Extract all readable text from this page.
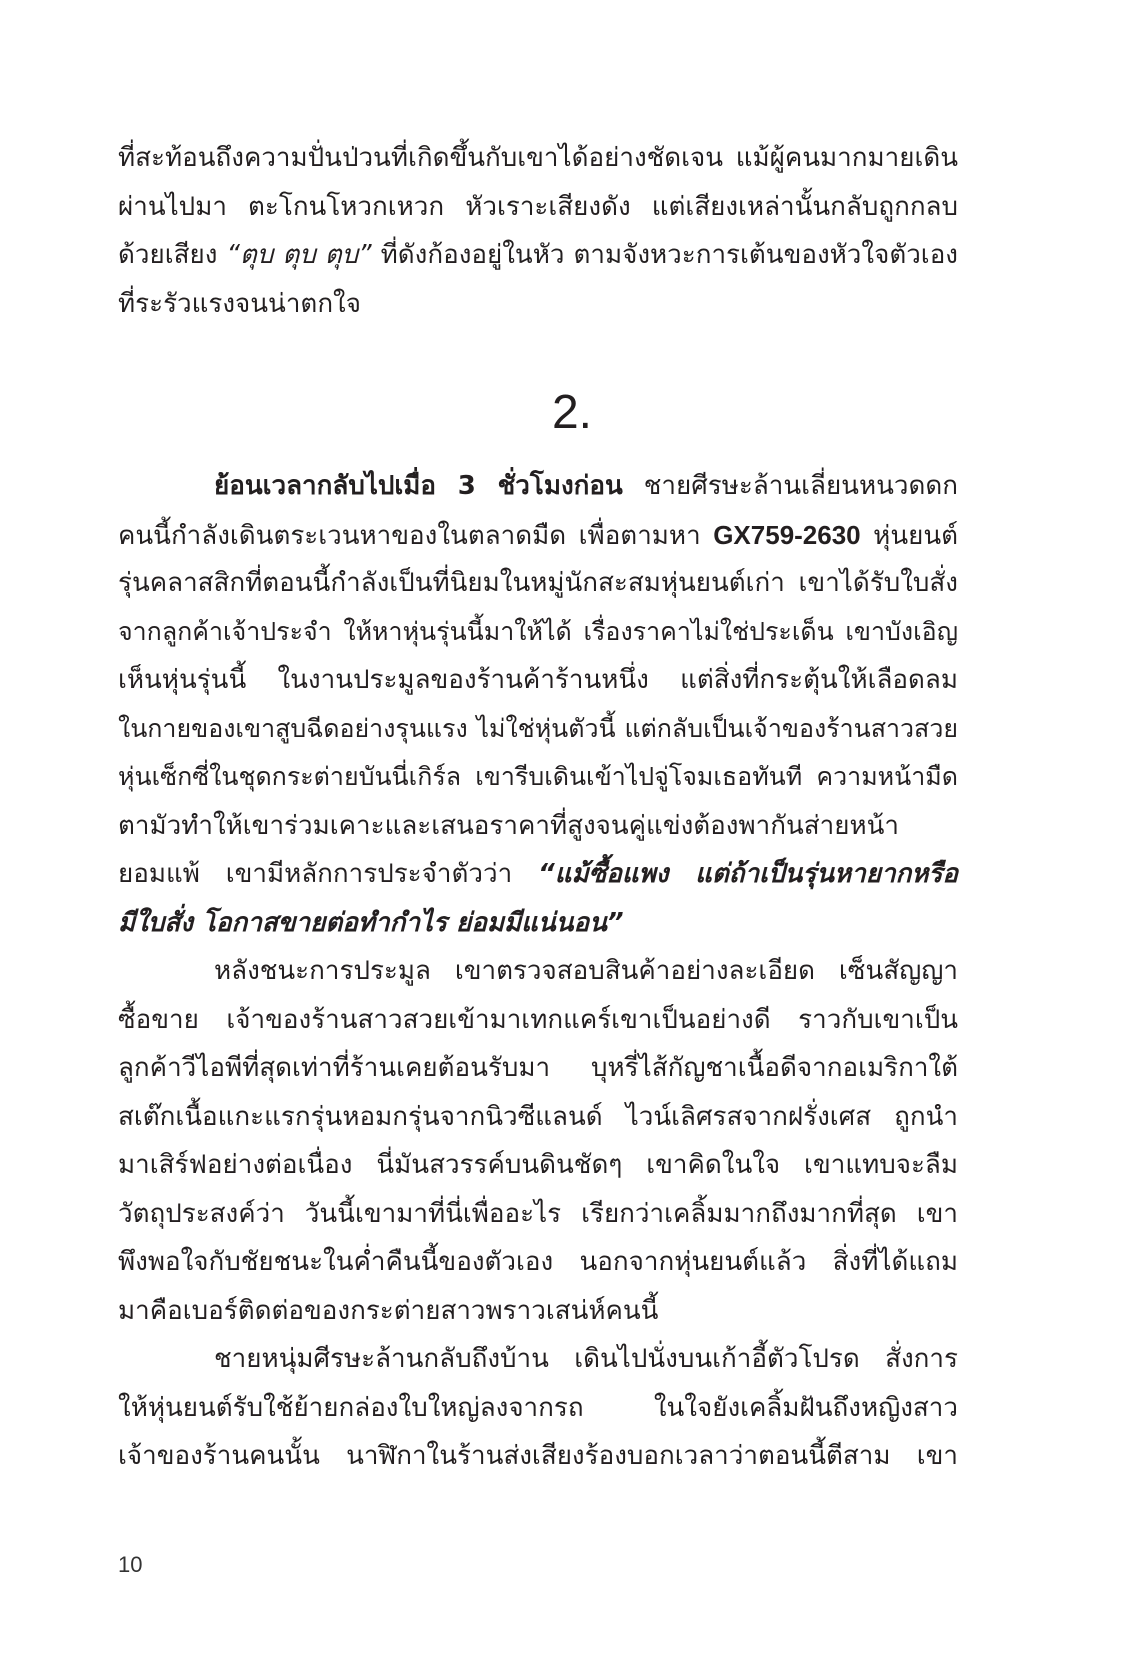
ที่สะท้อนถึงความปั่นป่วนที่เกิดขึ้นกับเขาได้อย่างชัดเจน แม้ผู้คนมากมายเดิน
ผ่านไปมา ตะโกนโหวกเหวก หัวเราะเสียงดัง แต่เสียงเหล่านั้นกลับถูกกลบ
ด้วยเสียง “ตุบ ตุบ ตุบ” ที่ดังก้องอยู่ในหัว ตามจังหวะการเต้นของหัวใจตัวเอง
ที่ระรัวแรงจนน่าตกใจ
2.
ย้อนเวลากลับไปเมื่อ 3 ชั่วโมงก่อน ชายศีรษะล้านเลี่ยนหนวดดก
คนนี้กำลังเดินตระเวนหาของในตลาดมืด เพื่อตามหา GX759-2630 หุ่นยนต์
รุ่นคลาสสิกที่ตอนนี้กำลังเป็นที่นิยมในหมู่นักสะสมหุ่นยนต์เก่า เขาได้รับใบสั่ง
จากลูกค้าเจ้าประจำ ให้หาหุ่นรุ่นนี้มาให้ได้ เรื่องราคาไม่ใช่ประเด็น เขาบังเอิญ
เห็นหุ่นรุ่นนี้ ในงานประมูลของร้านค้าร้านหนึ่ง แต่สิ่งที่กระตุ้นให้เลือดลม
ในกายของเขาสูบฉีดอย่างรุนแรง ไม่ใช่หุ่นตัวนี้ แต่กลับเป็นเจ้าของร้านสาวสวย
หุ่นเซ็กซี่ในชุดกระต่ายบันนี่เกิร์ล เขารีบเดินเข้าไปจู่โจมเธอทันที ความหน้ามืด
ตามัวทำให้เขาร่วมเคาะและเสนอราคาที่สูงจนคู่แข่งต้องพากันส่ายหน้า
ยอมแพ้ เขามีหลักการประจำตัวว่า “แม้ซื้อแพง แต่ถ้าเป็นรุ่นหายากหรือ
มีใบสั่ง โอกาสขายต่อทำกำไร ย่อมมีแน่นอน”
หลังชนะการประมูล เขาตรวจสอบสินค้าอย่างละเอียด เซ็นสัญญา
ซื้อขาย เจ้าของร้านสาวสวยเข้ามาเทกแคร์เขาเป็นอย่างดี ราวกับเขาเป็น
ลูกค้าวีไอพีที่สุดเท่าที่ร้านเคยต้อนรับมา บุหรี่ไส้กัญชาเนื้อดีจากอเมริกาใต้
สเต๊กเนื้อแกะแรกรุ่นหอมกรุ่นจากนิวซีแลนด์ ไวน์เลิศรสจากฝรั่งเศส ถูกนำ
มาเสิร์ฟอย่างต่อเนื่อง นี่มันสวรรค์บนดินชัดๆ เขาคิดในใจ เขาแทบจะลืม
วัตถุประสงค์ว่า วันนี้เขามาที่นี่เพื่ออะไร เรียกว่าเคลิ้มมากถึงมากที่สุด เขา
พึงพอใจกับชัยชนะในค่ำคืนนี้ของตัวเอง นอกจากหุ่นยนต์แล้ว สิ่งที่ได้แถม
มาคือเบอร์ติดต่อของกระต่ายสาวพราวเสน่ห์คนนี้
ชายหนุ่มศีรษะล้านกลับถึงบ้าน เดินไปนั่งบนเก้าอี้ตัวโปรด สั่งการ
ให้หุ่นยนต์รับใช้ย้ายกล่องใบใหญ่ลงจากรถ ในใจยังเคลิ้มฝันถึงหญิงสาว
เจ้าของร้านคนนั้น นาฬิกาในร้านส่งเสียงร้องบอกเวลาว่าตอนนี้ตีสาม เขา
10
